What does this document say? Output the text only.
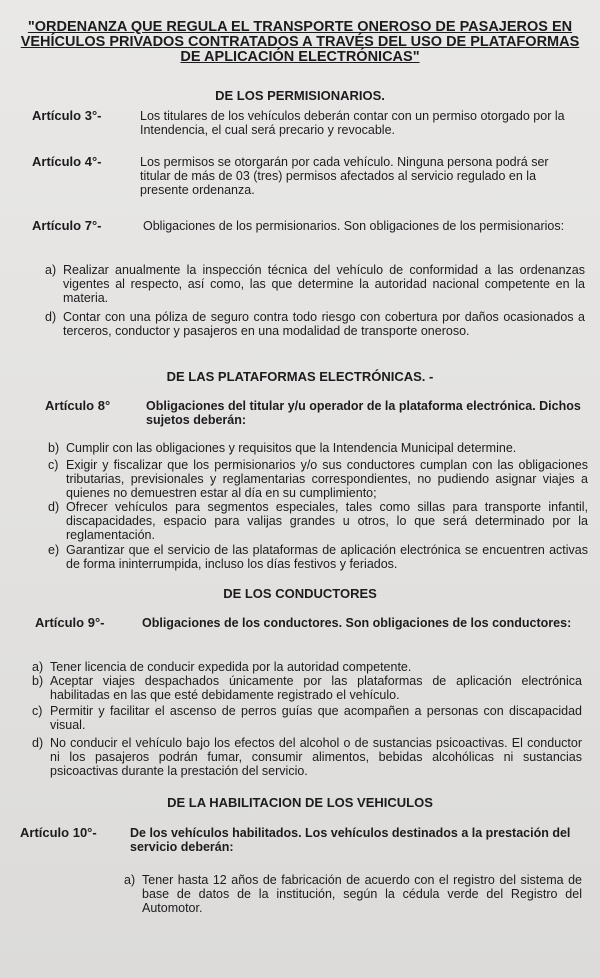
"ORDENANZA QUE REGULA EL TRANSPORTE ONEROSO DE PASAJEROS EN
VEHÍCULOS PRIVADOS CONTRATADOS A TRAVÉS DEL USO DE PLATAFORMAS
DE APLICACIÓN ELECTRÓNICAS"
DE LOS PERMISIONARIOS.
Artículo 3°-	Los titulares de los vehículos deberán contar con un permiso otorgado por la Intendencia, el cual será precario y revocable.
Artículo 4°-	Los permisos se otorgarán por cada vehículo. Ninguna persona podrá ser titular de más de 03 (tres) permisos afectados al servicio regulado en la presente ordenanza.
Artículo 7°-	Obligaciones de los permisionarios. Son obligaciones de los permisionarios:
a) Realizar anualmente la inspección técnica del vehículo de conformidad a las ordenanzas vigentes al respecto, así como, las que determine la autoridad nacional competente en la materia.
d) Contar con una póliza de seguro contra todo riesgo con cobertura por daños ocasionados a terceros, conductor y pasajeros en una modalidad de transporte oneroso.
DE LAS PLATAFORMAS ELECTRÓNICAS. -
Artículo 8°	Obligaciones del titular y/u operador de la plataforma electrónica. Dichos sujetos deberán:
b) Cumplir con las obligaciones y requisitos que la Intendencia Municipal determine.
c) Exigir y fiscalizar que los permisionarios y/o sus conductores cumplan con las obligaciones tributarias, previsionales y reglamentarias correspondientes, no pudiendo asignar viajes a quienes no demuestren estar al día en su cumplimiento;
d) Ofrecer vehículos para segmentos especiales, tales como sillas para transporte infantil, discapacidades, espacio para valijas grandes u otros, lo que será determinado por la reglamentación.
e) Garantizar que el servicio de las plataformas de aplicación electrónica se encuentren activas de forma ininterrumpida, incluso los días festivos y feriados.
DE LOS CONDUCTORES
Artículo 9°-	Obligaciones de los conductores. Son obligaciones de los conductores:
a) Tener licencia de conducir expedida por la autoridad competente.
b) Aceptar viajes despachados únicamente por las plataformas de aplicación electrónica habilitadas en las que esté debidamente registrado el vehículo.
c) Permitir y facilitar el ascenso de perros guías que acompañen a personas con discapacidad visual.
d) No conducir el vehículo bajo los efectos del alcohol o de sustancias psicoactivas. El conductor ni los pasajeros podrán fumar, consumir alimentos, bebidas alcohólicas ni sustancias psicoactivas durante la prestación del servicio.
DE LA HABILITACION DE LOS VEHICULOS
Artículo 10°-	De los vehículos habilitados. Los vehículos destinados a la prestación del servicio deberán:
a) Tener hasta 12 años de fabricación de acuerdo con el registro del sistema de base de datos de la institución, según la cédula verde del Registro del Automotor.
